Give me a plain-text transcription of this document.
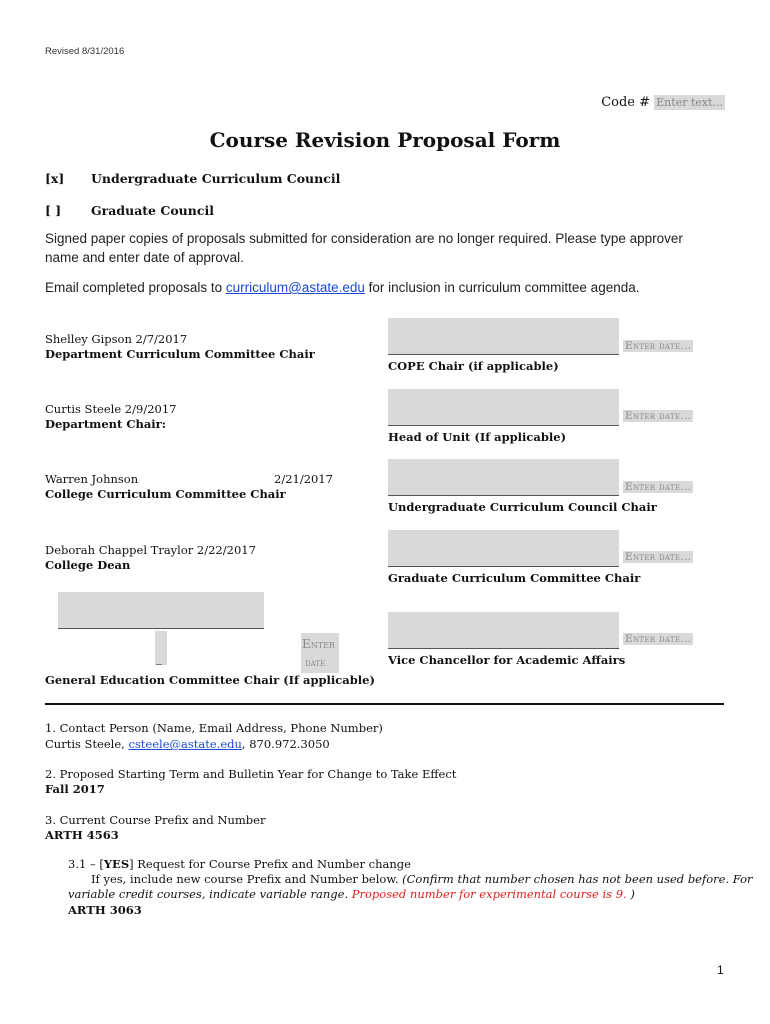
Revised 8/31/2016
Code # Enter text...
Course Revision Proposal Form
[x] Undergraduate Curriculum Council
[ ] Graduate Council
Signed paper copies of proposals submitted for consideration are no longer required. Please type approver name and enter date of approval.
Email completed proposals to curriculum@astate.edu for inclusion in curriculum committee agenda.
Shelley Gipson 2/7/2017
Department Curriculum Committee Chair
Curtis Steele 2/9/2017
Department Chair:
Warren Johnson	2/21/2017
College Curriculum Committee Chair
Deborah Chappel Traylor 2/22/2017
College Dean
_
Enter
date
General Education Committee Chair (If applicable)
Enter date...
COPE Chair (if applicable)
Enter date...
Head of Unit (If applicable)
Enter date...
Undergraduate Curriculum Council Chair
Enter date...
Graduate Curriculum Committee Chair
Enter date...
Vice Chancellor for Academic Affairs
1. Contact Person (Name, Email Address, Phone Number)
Curtis Steele, csteele@astate.edu, 870.972.3050
2. Proposed Starting Term and Bulletin Year for Change to Take Effect
Fall 2017
3. Current Course Prefix and Number
ARTH 4563
3.1 – [YES] Request for Course Prefix and Number change
If yes, include new course Prefix and Number below. (Confirm that number chosen has not been used before. For
variable credit courses, indicate variable range. Proposed number for experimental course is 9. )
ARTH 3063
1
